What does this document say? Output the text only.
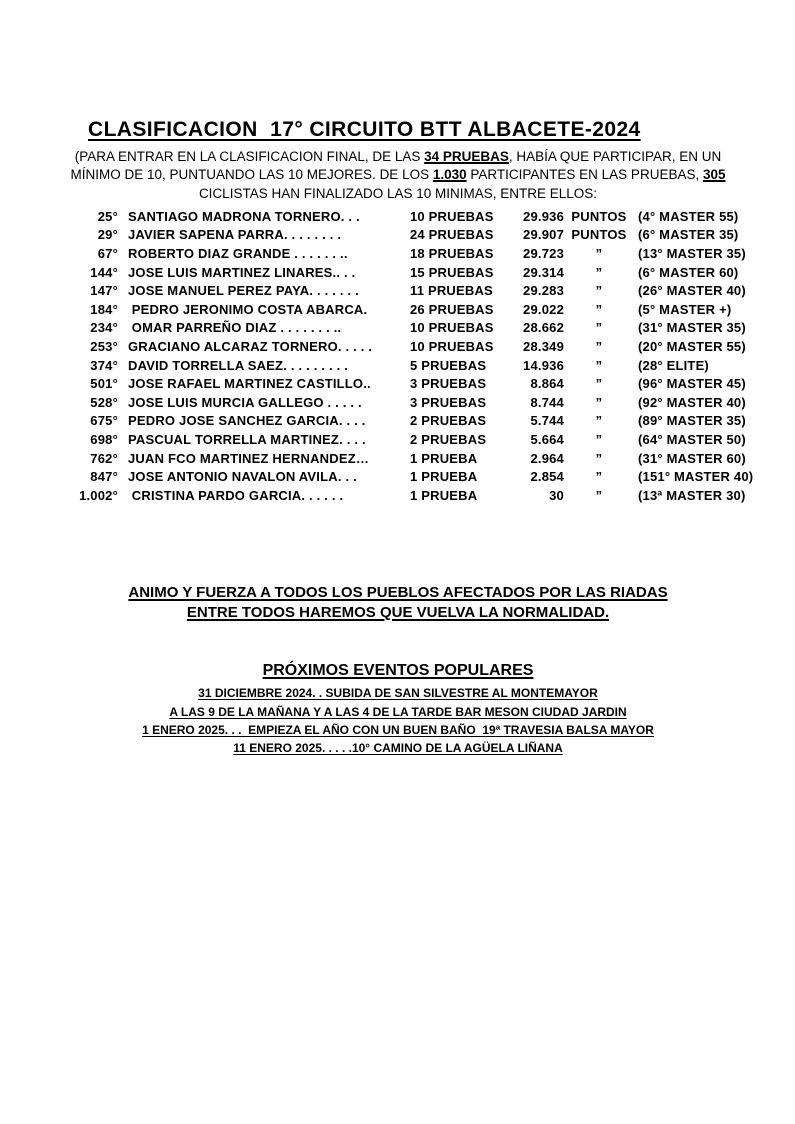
CLASIFICACION  17° CIRCUITO BTT ALBACETE-2024

(PARA ENTRAR EN LA CLASIFICACION FINAL, DE LAS 34 PRUEBAS, HABÍA QUE PARTICIPAR, EN UN MÍNIMO DE 10, PUNTUANDO LAS 10 MEJORES. DE LOS 1.030 PARTICIPANTES EN LAS PRUEBAS, 305 CICLISTAS HAN FINALIZADO LAS 10 MINIMAS, ENTRE ELLOS:

25° SANTIAGO MADRONA TORNERO. . .	10 PRUEBAS	29.936 PUNTOS (4° MASTER 55)
29° JAVIER SAPENA PARRA. . . . . . . .	24 PRUEBAS	29.907 PUNTOS (6° MASTER 35)
67° ROBERTO DIAZ GRANDE . . . . . . ..	18 PRUEBAS	29.723	”	(13° MASTER 35)
144° JOSE LUIS MARTINEZ LINARES.. . .	15 PRUEBAS	29.314	”	(6° MASTER 60)
147° JOSE MANUEL PEREZ PAYA. . . . . . .	11 PRUEBAS	29.283	”	(26° MASTER 40)
184° PEDRO JERONIMO COSTA ABARCA.	26 PRUEBAS	29.022	”	(5° MASTER +)
234° OMAR PARREÑO DIAZ . . . . . . . ..	10 PRUEBAS	28.662	”	(31° MASTER 35)
253° GRACIANO ALCARAZ TORNERO. . . . .	10 PRUEBAS	28.349	”	(20° MASTER 55)
374° DAVID TORRELLA SAEZ. . . . . . . . .	5 PRUEBAS	14.936	”	(28° ELITE)
501° JOSE RAFAEL MARTINEZ CASTILLO..	3 PRUEBAS	8.864	”	(96° MASTER 45)
528° JOSE LUIS MURCIA GALLEGO . . . . .	3 PRUEBAS	8.744	”	(92° MASTER 40)
675° PEDRO JOSE SANCHEZ GARCIA. . . .	2 PRUEBAS	5.744	”	(89° MASTER 35)
698° PASCUAL TORRELLA MARTINEZ. . . .	2 PRUEBAS	5.664	”	(64° MASTER 50)
762° JUAN FCO MARTINEZ HERNANDEZ…	1 PRUEBA	2.964	”	(31° MASTER 60)
847° JOSE ANTONIO NAVALON AVILA. . .	1 PRUEBA	2.854	”	(151° MASTER 40)
1.002° CRISTINA PARDO GARCIA. . . . . .	1 PRUEBA	30	”	(13ª MASTER 30)
ANIMO Y FUERZA A TODOS LOS PUEBLOS AFECTADOS POR LAS RIADAS
ENTRE TODOS HAREMOS QUE VUELVA LA NORMALIDAD.
PRÓXIMOS EVENTOS POPULARES
31 DICIEMBRE 2024. . SUBIDA DE SAN SILVESTRE AL MONTEMAYOR
A LAS 9 DE LA MAÑANA Y A LAS 4 DE LA TARDE BAR MESON CIUDAD JARDIN
1 ENERO 2025. . .  EMPIEZA EL AÑO CON UN BUEN BAÑO  19ª TRAVESIA BALSA MAYOR
11 ENERO 2025. . . . .10° CAMINO DE LA AGÜELA LIÑANA
